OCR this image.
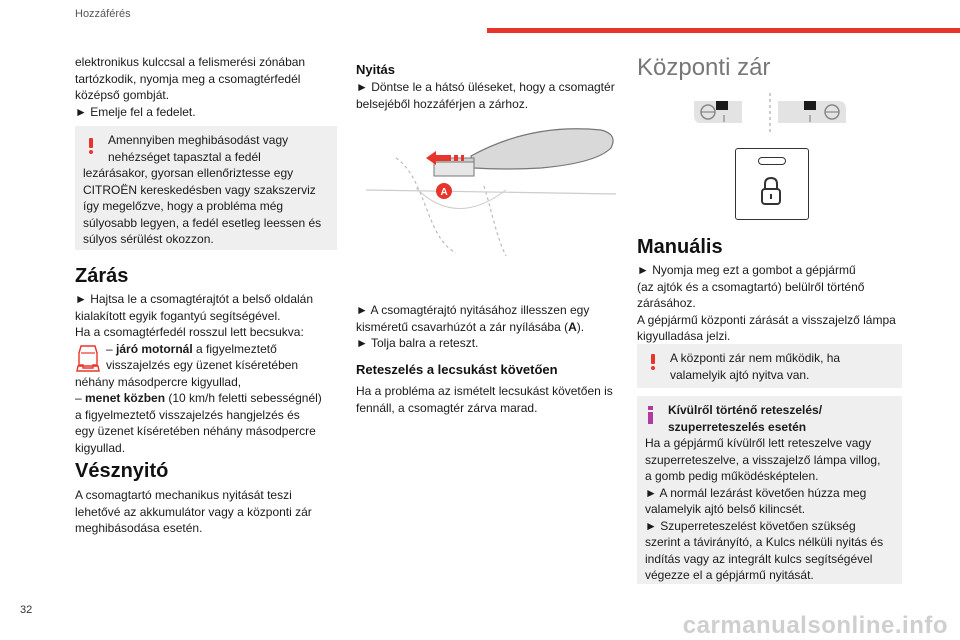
Hozzáférés
elektronikus kulccsal a felismerési zónában
tartózkodik, nyomja meg a csomagtérfedél
középső gombját.
► Emelje fel a fedelet.
Amennyiben meghibásodást vagy
nehézséget tapasztal a fedél
lezárásakor, gyorsan ellenőriztesse egy
CITROËN kereskedésben vagy szakszerviz
így megelőzve, hogy a probléma még
súlyosabb legyen, a fedél esetleg leessen és
súlyos sérülést okozzon.
Zárás
► Hajtsa le a csomagtérajtót a belső oldalán
kialakított egyik fogantyú segítségével.
Ha a csomagtérfedél rosszul lett becsukva:
– járó motornál a figyelmeztető
visszajelzés egy üzenet kíséretében
néhány másodpercre kigyullad,
– menet közben (10 km/h feletti sebességnél)
a figyelmeztető visszajelzés hangjelzés és
egy üzenet kíséretében néhány másodpercre
kigyullad.
Vésznyitó
A csomagtartó mechanikus nyitását teszi
lehetővé az akkumulátor vagy a központi zár
meghibásodása esetén.
Nyitás
► Döntse le a hátsó üléseket, hogy a csomagtér
belsejéből hozzáférjen a zárhoz.
A
► A csomagtérajtó nyitásához illesszen egy
kisméretű csavarhúzót a zár nyílásába (A).
► Tolja balra a reteszt.
Reteszelés a lecsukást követően
Ha a probléma az ismételt lecsukást követően is
fennáll, a csomagtér zárva marad.
Központi zár
Manuális
► Nyomja meg ezt a gombot a gépjármű
(az ajtók és a csomagtartó) belülről történő
zárásához.
A gépjármű központi zárását a visszajelző lámpa
kigyulladása jelzi.
A központi zár nem működik, ha
valamelyik ajtó nyitva van.
Kívülről történő reteszelés/
szuperreteszelés esetén
Ha a gépjármű kívülről lett reteszelve vagy
szuperreteszelve, a visszajelző lámpa villog,
a gomb pedig működésképtelen.
► A normál lezárást követően húzza meg
valamelyik ajtó belső kilincsét.
► Szuperreteszelést követően szükség
szerint a távirányító, a Kulcs nélküli nyitás és
indítás vagy az integrált kulcs segítségével
végezze el a gépjármű nyitását.
32
carmanualsonline.info
